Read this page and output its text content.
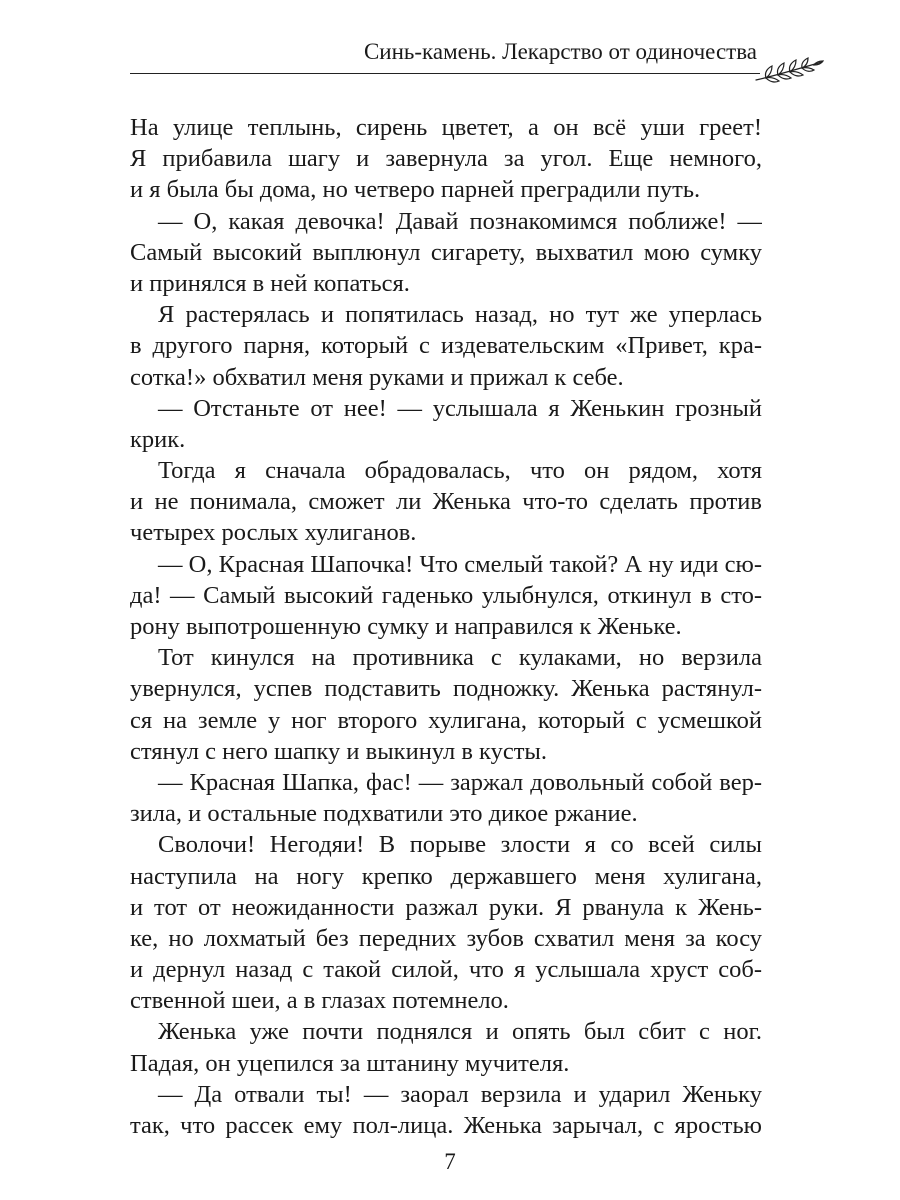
Синь-камень. Лекарство от одиночества
На улице теплынь, сирень цветет, а он всё уши греет!
Я прибавила шагу и завернула за угол. Еще немного,
и я была бы дома, но четверо парней преградили путь.
— О, какая девочка! Давай познакомимся поближе! —
Самый высокий выплюнул сигарету, выхватил мою сумку
и принялся в ней копаться.
Я растерялась и попятилась назад, но тут же уперлась
в другого парня, который с издевательским «Привет, кра-
сотка!» обхватил меня руками и прижал к себе.
— Отстаньте от нее! — услышала я Женькин грозный
крик.
Тогда я сначала обрадовалась, что он рядом, хотя
и не понимала, сможет ли Женька что-то сделать против
четырех рослых хулиганов.
— О, Красная Шапочка! Что смелый такой? А ну иди сю-
да! — Самый высокий гаденько улыбнулся, откинул в сто-
рону выпотрошенную сумку и направился к Женьке.
Тот кинулся на противника с кулаками, но верзила
увернулся, успев подставить подножку. Женька растянул-
ся на земле у ног второго хулигана, который с усмешкой
стянул с него шапку и выкинул в кусты.
— Красная Шапка, фас! — заржал довольный собой вер-
зила, и остальные подхватили это дикое ржание.
Сволочи! Негодяи! В порыве злости я со всей силы
наступила на ногу крепко державшего меня хулигана,
и тот от неожиданности разжал руки. Я рванула к Жень-
ке, но лохматый без передних зубов схватил меня за косу
и дернул назад с такой силой, что я услышала хруст соб-
ственной шеи, а в глазах потемнело.
Женька уже почти поднялся и опять был сбит с ног.
Падая, он уцепился за штанину мучителя.
— Да отвали ты! — заорал верзила и ударил Женьку
так, что рассек ему пол-лица. Женька зарычал, с яростью
7
